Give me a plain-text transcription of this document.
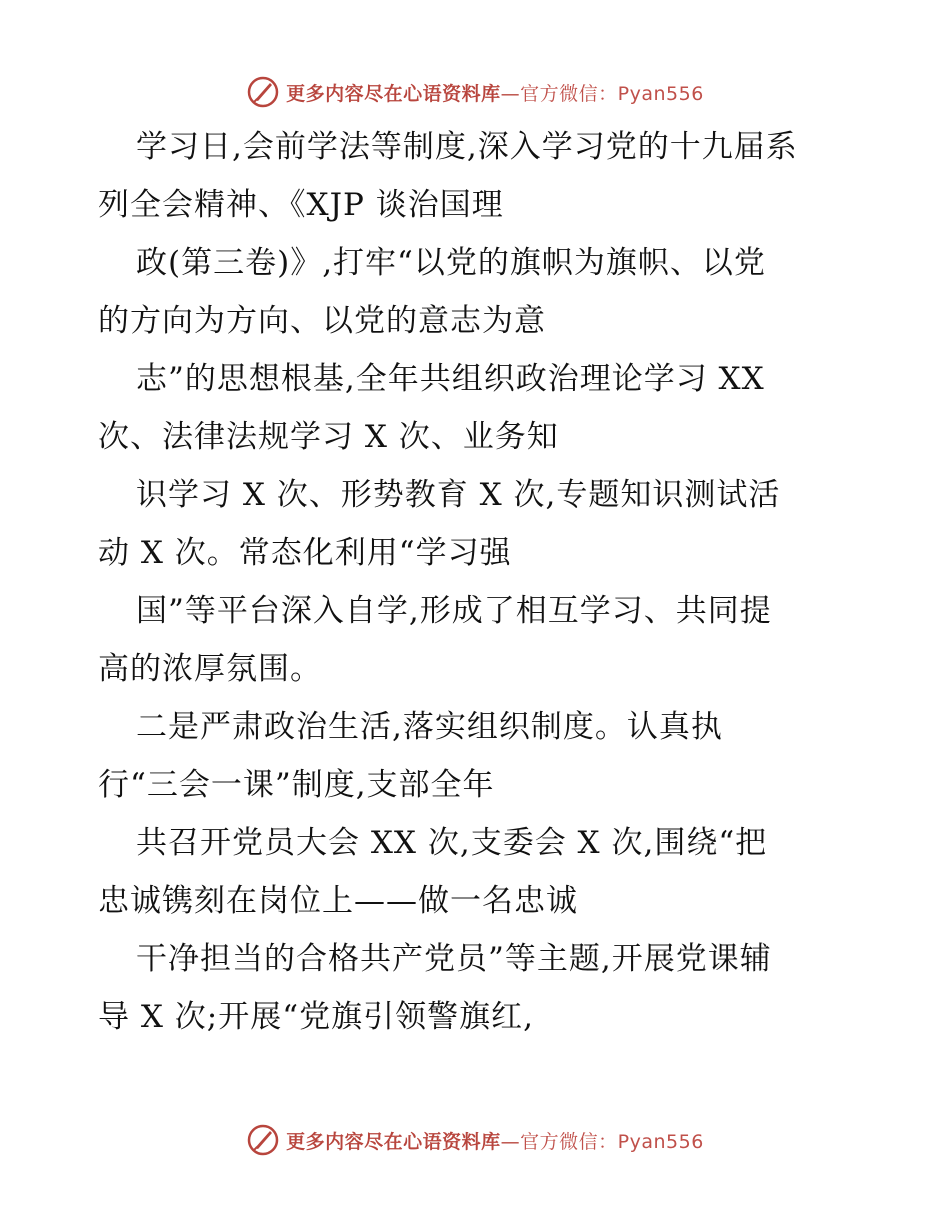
更多内容尽在心语资料库—官方微信：Pyan556
学习日,会前学法等制度,深入学习党的十九届系
列全会精神、《XJP 谈治国理
政(第三卷)》,打牢“以党的旗帜为旗帜、以党
的方向为方向、以党的意志为意
志”的思想根基,全年共组织政治理论学习 XX
次、法律法规学习 X 次、业务知
识学习 X 次、形势教育 X 次,专题知识测试活
动 X 次。常态化利用“学习强
国”等平台深入自学,形成了相互学习、共同提
高的浓厚氛围。
二是严肃政治生活,落实组织制度。认真执
行“三会一课”制度,支部全年
共召开党员大会 XX 次,支委会 X 次,围绕“把
忠诚镌刻在岗位上——做一名忠诚
干净担当的合格共产党员”等主题,开展党课辅
导 X 次;开展“党旗引领警旗红,
更多内容尽在心语资料库—官方微信：Pyan556
